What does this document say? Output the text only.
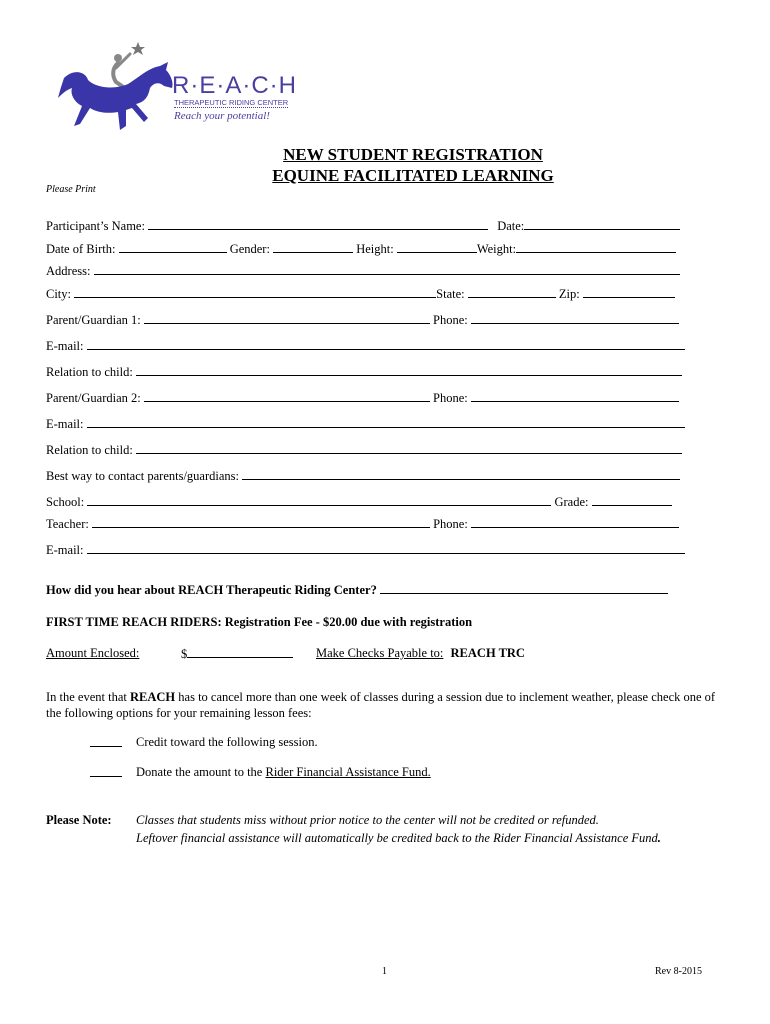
R·E·A·C·H
THERAPEUTIC RIDING CENTER
Reach your potential!
NEW STUDENT REGISTRATION
EQUINE FACILITATED LEARNING
Please Print
Participant’s Name:	Date:
Date of Birth:	Gender:	Height:	Weight:
Address:
City:	State:	Zip:
Parent/Guardian 1:	Phone:
E-mail:
Relation to child:
Parent/Guardian 2:	Phone:
E-mail:
Relation to child:
Best way to contact parents/guardians:
School:	Grade:
Teacher:	Phone:
E-mail:
How did you hear about REACH Therapeutic Riding Center?
FIRST TIME REACH RIDERS: Registration Fee - $20.00 due with registration
Amount Enclosed:	$	Make Checks Payable to: REACH TRC
In the event that REACH has to cancel more than one week of classes during a session due to inclement weather, please check one of
the following options for your remaining lesson fees:
Credit toward the following session.
Donate the amount to the Rider Financial Assistance Fund.
Please Note: Classes that students miss without prior notice to the center will not be credited or refunded.
Leftover financial assistance will automatically be credited back to the Rider Financial Assistance Fund.
1	Rev 8-2015
